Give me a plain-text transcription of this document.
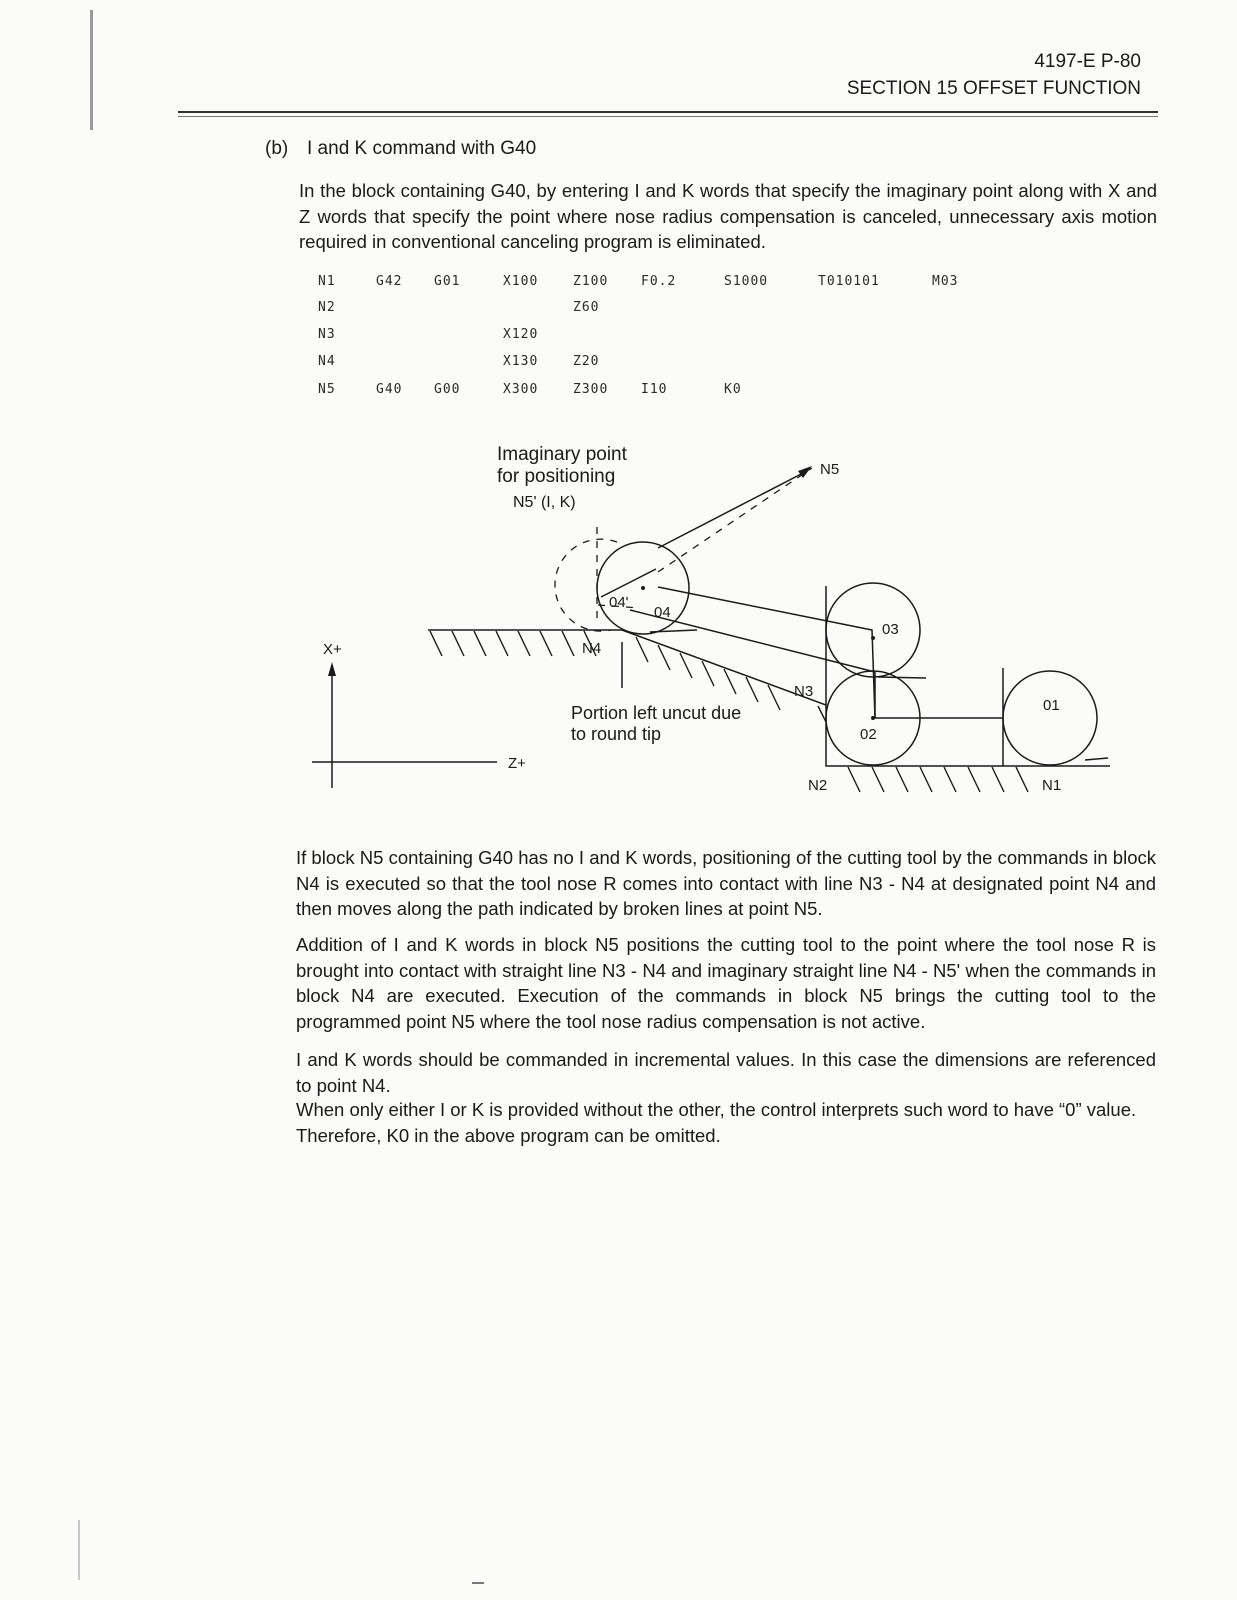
4197-E P-80
SECTION 15 OFFSET FUNCTION
(b) I and K command with G40

In the block containing G40, by entering I and K words that specify the imaginary point along with X and Z words that specify the point where nose radius compensation is canceled, unnecessary axis motion required in conventional canceling program is eliminated.

N1	G42 G01	X100	Z100	F0.2	S1000	T010101	M03
N2	Z60
N3	X120
N4	X130	Z20
N5	G40 G00	X300	Z300	I10	K0
Imaginary point
for positioning
N5' (I, K)
Portion left uncut due
to round tip
X+
Z+
N1
N2
N3
N4
N5
01
02
03
04
04'

If block N5 containing G40 has no I and K words, positioning of the cutting tool by the commands in block N4 is executed so that the tool nose R comes into contact with line N3 - N4 at designated point N4 and then moves along the path indicated by broken lines at point N5.

Addition of I and K words in block N5 positions the cutting tool to the point where the tool nose R is brought into contact with straight line N3 - N4 and imaginary straight line N4 - N5' when the commands in block N4 are executed. Execution of the commands in block N5 brings the cutting tool to the programmed point N5 where the tool nose radius compensation is not active.

I and K words should be commanded in incremental values. In this case the dimensions are referenced to point N4.

When only either I or K is provided without the other, the control interprets such word to have “0” value. Therefore, K0 in the above program can be omitted.
